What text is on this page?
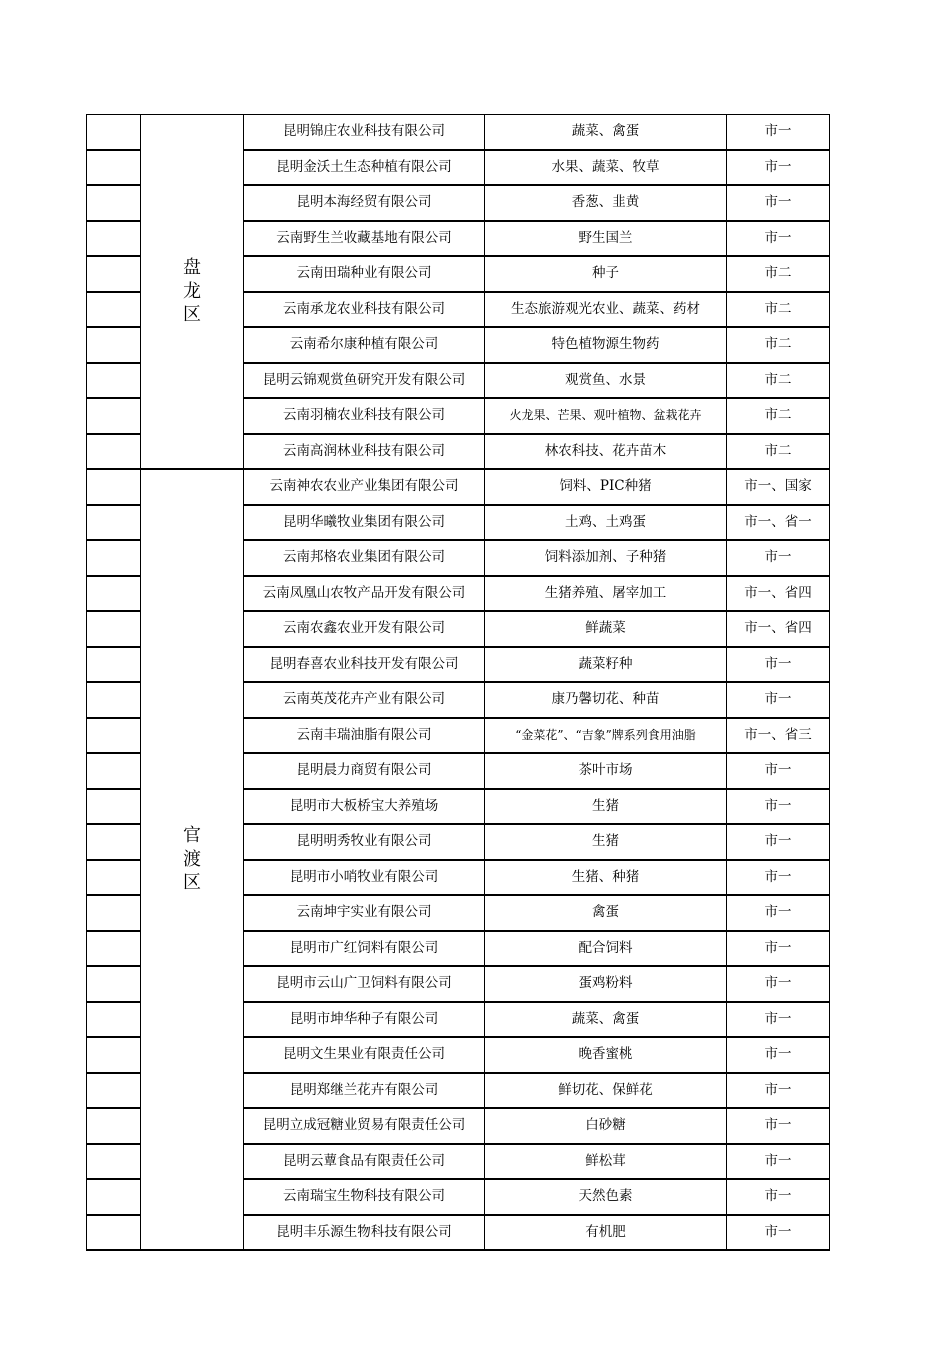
	盘龙区	昆明锦庄农业科技有限公司	蔬菜、禽蛋	市一
		昆明金沃土生态种植有限公司	水果、蔬菜、牧草	市一
		昆明本海经贸有限公司	香葱、韭黄	市一
		云南野生兰收藏基地有限公司	野生国兰	市一
		云南田瑞种业有限公司	种子	市二
		云南承龙农业科技有限公司	生态旅游观光农业、蔬菜、药材	市二
		云南希尔康种植有限公司	特色植物源生物药	市二
		昆明云锦观赏鱼研究开发有限公司	观赏鱼、水景	市二
		云南羽楠农业科技有限公司	火龙果、芒果、观叶植物、盆栽花卉	市二
		云南高润林业科技有限公司	林农科技、花卉苗木	市二
	官渡区	云南神农农业产业集团有限公司	饲料、PIC种猪	市一、国家
		昆明华曦牧业集团有限公司	土鸡、土鸡蛋	市一、省一
		云南邦格农业集团有限公司	饲料添加剂、子种猪	市一
		云南凤凰山农牧产品开发有限公司	生猪养殖、屠宰加工	市一、省四
		云南农鑫农业开发有限公司	鲜蔬菜	市一、省四
		昆明春喜农业科技开发有限公司	蔬菜籽种	市一
		云南英茂花卉产业有限公司	康乃馨切花、种苗	市一
		云南丰瑞油脂有限公司	“金菜花”、“吉象”牌系列食用油脂	市一、省三
		昆明晨力商贸有限公司	茶叶市场	市一
		昆明市大板桥宝大养殖场	生猪	市一
		昆明明秀牧业有限公司	生猪	市一
		昆明市小哨牧业有限公司	生猪、种猪	市一
		云南坤宇实业有限公司	禽蛋	市一
		昆明市广红饲料有限公司	配合饲料	市一
		昆明市云山广卫饲料有限公司	蛋鸡粉料	市一
		昆明市坤华种子有限公司	蔬菜、禽蛋	市一
		昆明文生果业有限责任公司	晚香蜜桃	市一
		昆明郑继兰花卉有限公司	鲜切花、保鲜花	市一
		昆明立成冠糖业贸易有限责任公司	白砂糖	市一
		昆明云蕈食品有限责任公司	鲜松茸	市一
		云南瑞宝生物科技有限公司	天然色素	市一
		昆明丰乐源生物科技有限公司	有机肥	市一
